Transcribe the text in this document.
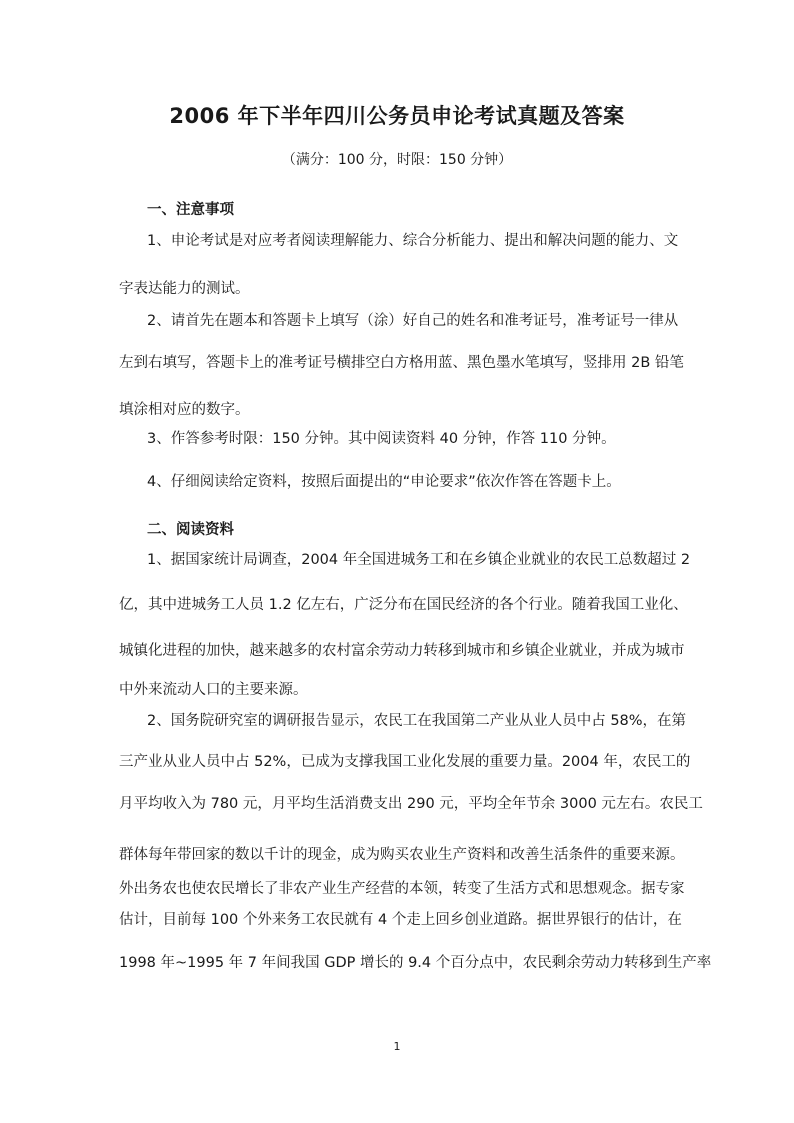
2006 年下半年四川公务员申论考试真题及答案

（满分：100 分，时限：150 分钟）

一、注意事项

1、申论考试是对应考者阅读理解能力、综合分析能力、提出和解决问题的能力、文

字表达能力的测试。

2、请首先在题本和答题卡上填写（涂）好自己的姓名和准考证号，准考证号一律从

左到右填写，答题卡上的准考证号横排空白方格用蓝、黑色墨水笔填写，竖排用 2B 铅笔

填涂相对应的数字。

3、作答参考时限：150 分钟。其中阅读资料 40 分钟，作答 110 分钟。

4、仔细阅读给定资料，按照后面提出的“申论要求”依次作答在答题卡上。

二、阅读资料

1、据国家统计局调查，2004 年全国进城务工和在乡镇企业就业的农民工总数超过 2

亿，其中进城务工人员 1.2 亿左右，广泛分布在国民经济的各个行业。随着我国工业化、

城镇化进程的加快，越来越多的农村富余劳动力转移到城市和乡镇企业就业，并成为城市

中外来流动人口的主要来源。

2、国务院研究室的调研报告显示，农民工在我国第二产业从业人员中占 58%，在第

三产业从业人员中占 52%，已成为支撑我国工业化发展的重要力量。2004 年，农民工的

月平均收入为 780 元，月平均生活消费支出 290 元，平均全年节余 3000 元左右。农民工

群体每年带回家的数以千计的现金，成为购买农业生产资料和改善生活条件的重要来源。

外出务农也使农民增长了非农产业生产经营的本领，转变了生活方式和思想观念。据专家

估计，目前每 100 个外来务工农民就有 4 个走上回乡创业道路。据世界银行的估计，在

1998 年~1995 年 7 年间我国 GDP 增长的 9.4 个百分点中，农民剩余劳动力转移到生产率

1
